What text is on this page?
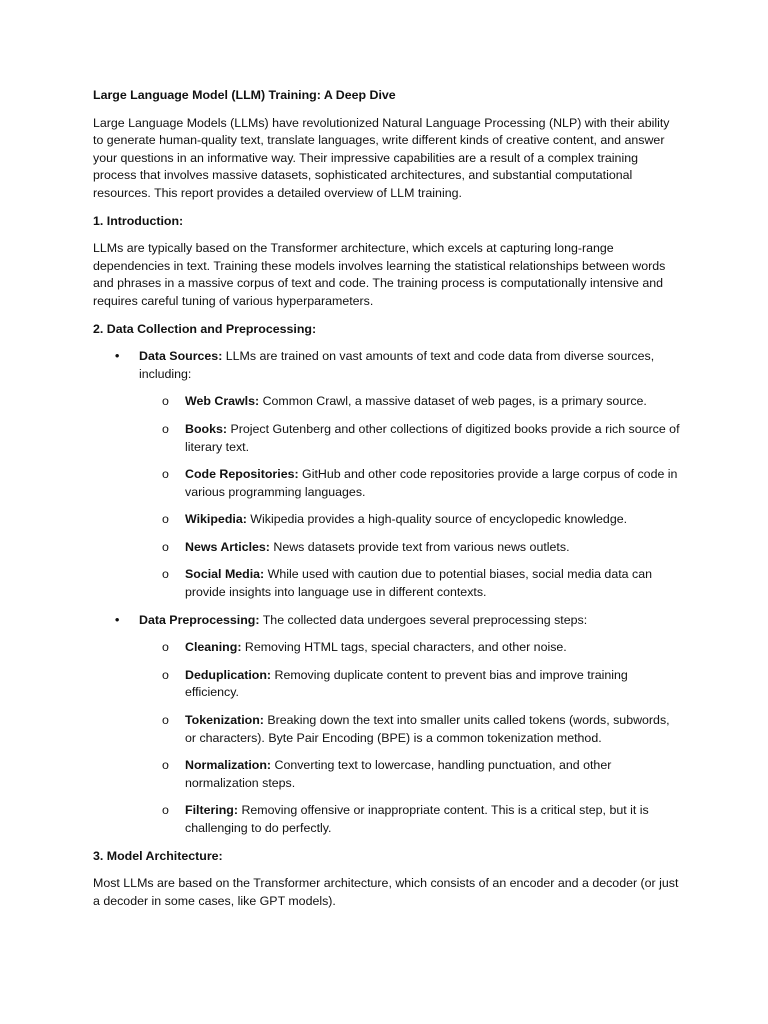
Large Language Model (LLM) Training: A Deep Dive

Large Language Models (LLMs) have revolutionized Natural Language Processing (NLP) with their ability to generate human-quality text, translate languages, write different kinds of creative content, and answer your questions in an informative way. Their impressive capabilities are a result of a complex training process that involves massive datasets, sophisticated architectures, and substantial computational resources. This report provides a detailed overview of LLM training.

1. Introduction:

LLMs are typically based on the Transformer architecture, which excels at capturing long-range dependencies in text. Training these models involves learning the statistical relationships between words and phrases in a massive corpus of text and code. The training process is computationally intensive and requires careful tuning of various hyperparameters.

2. Data Collection and Preprocessing:

• Data Sources: LLMs are trained on vast amounts of text and code data from diverse sources, including:
o Web Crawls: Common Crawl, a massive dataset of web pages, is a primary source.
o Books: Project Gutenberg and other collections of digitized books provide a rich source of literary text.
o Code Repositories: GitHub and other code repositories provide a large corpus of code in various programming languages.
o Wikipedia: Wikipedia provides a high-quality source of encyclopedic knowledge.
o News Articles: News datasets provide text from various news outlets.
o Social Media: While used with caution due to potential biases, social media data can provide insights into language use in different contexts.
• Data Preprocessing: The collected data undergoes several preprocessing steps:
o Cleaning: Removing HTML tags, special characters, and other noise.
o Deduplication: Removing duplicate content to prevent bias and improve training efficiency.
o Tokenization: Breaking down the text into smaller units called tokens (words, subwords, or characters). Byte Pair Encoding (BPE) is a common tokenization method.
o Normalization: Converting text to lowercase, handling punctuation, and other normalization steps.
o Filtering: Removing offensive or inappropriate content. This is a critical step, but it is challenging to do perfectly.

3. Model Architecture:

Most LLMs are based on the Transformer architecture, which consists of an encoder and a decoder (or just a decoder in some cases, like GPT models).
